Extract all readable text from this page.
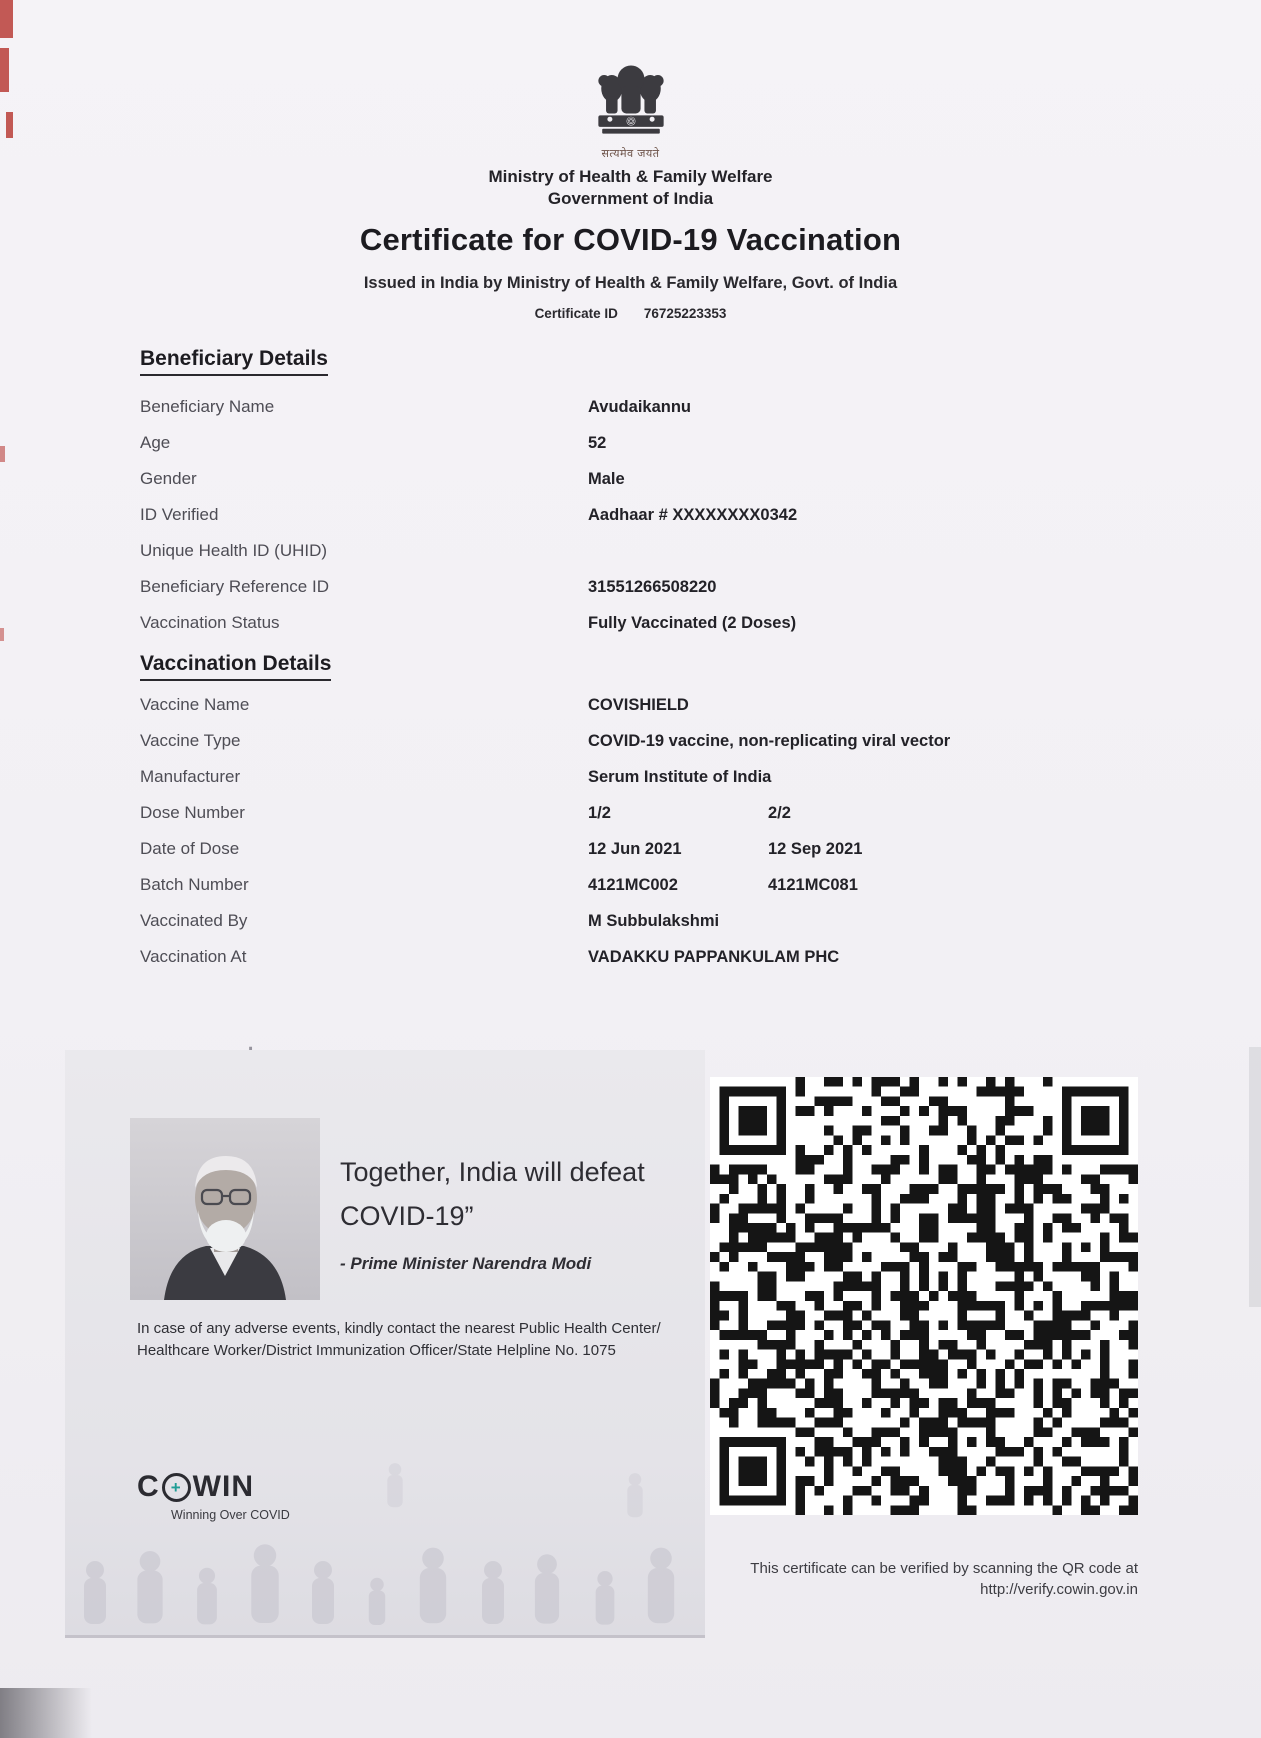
सत्यमेव जयते
Ministry of Health & Family Welfare
Government of India
Certificate for COVID-19 Vaccination
Issued in India by Ministry of Health & Family Welfare, Govt. of India
Certificate ID 76725223353
Beneficiary Details
Beneficiary Name	Avudaikannu
Age	52
Gender	Male
ID Verified	Aadhaar # XXXXXXXX0342
Unique Health ID (UHID)
Beneficiary Reference ID	31551266508220
Vaccination Status	Fully Vaccinated (2 Doses)
Vaccination Details
Vaccine Name	COVISHIELD
Vaccine Type	COVID-19 vaccine, non-replicating viral vector
Manufacturer	Serum Institute of India
Dose Number	1/2	2/2
Date of Dose	12 Jun 2021	12 Sep 2021
Batch Number	4121MC002	4121MC081
Vaccinated By	M Subbulakshmi
Vaccination At	VADAKKU PAPPANKULAM PHC
Together, India will defeat
COVID-19”
- Prime Minister Narendra Modi
In case of any adverse events, kindly contact the nearest Public Health Center/
Healthcare Worker/District Immunization Officer/State Helpline No. 1075
C + WIN
Winning Over COVID
This certificate can be verified by scanning the QR code at
http://verify.cowin.gov.in
